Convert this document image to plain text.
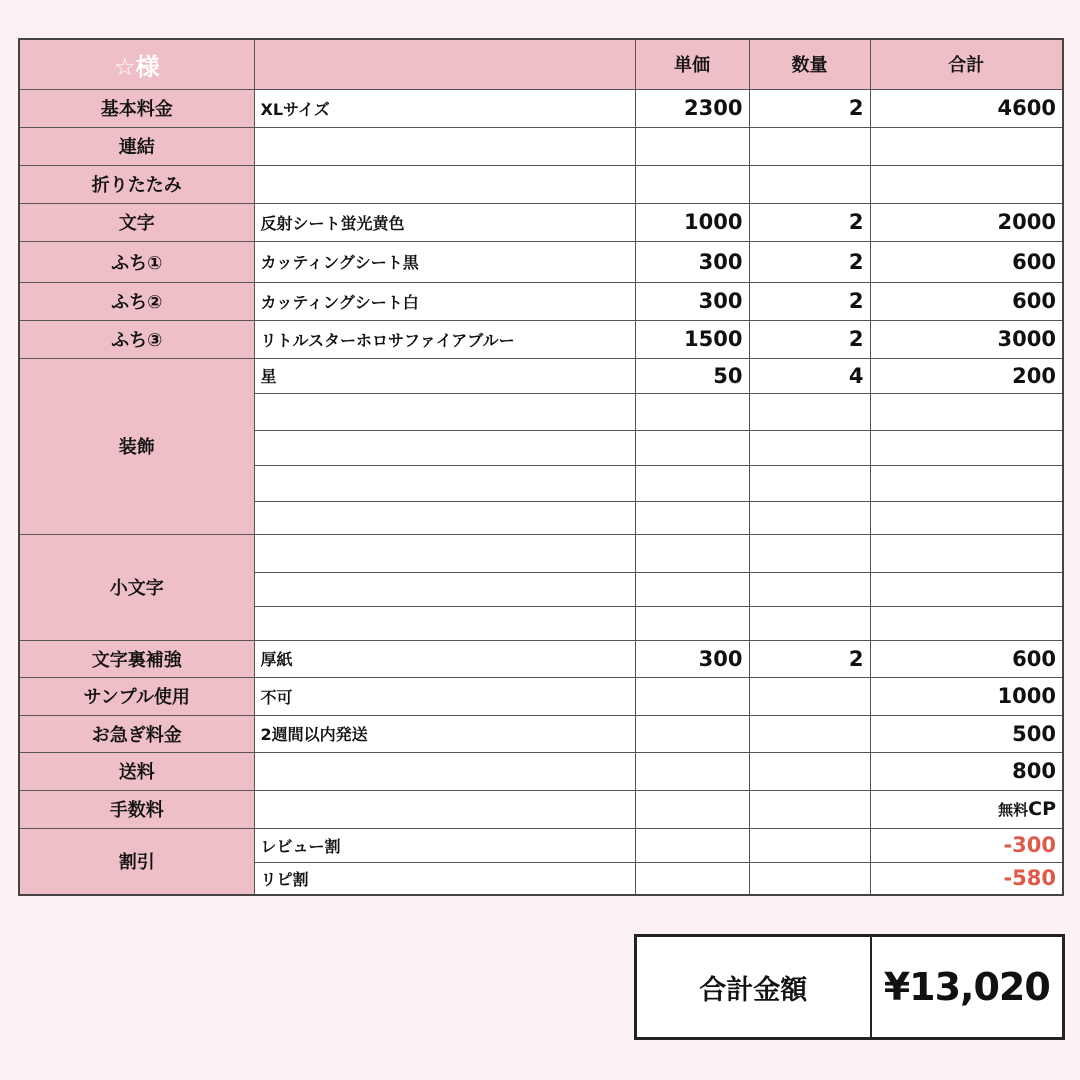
☆様		単価	数量	合計
基本料金	XLサイズ	2300	2	4600
連結				
折りたたみ				
文字	反射シート蛍光黄色	1000	2	2000
ふち①	カッティングシート黒	300	2	600
ふち②	カッティングシート白	300	2	600
ふち③	リトルスターホロサファイアブルー	1500	2	3000
装飾	星	50	4	200

小文字				

文字裏補強	厚紙	300	2	600
サンプル使用	不可			1000
お急ぎ料金	2週間以内発送			500
送料				800
手数料				無料CP
割引	レビュー割			-300
	リピ割			-580
合計金額	¥13,020
